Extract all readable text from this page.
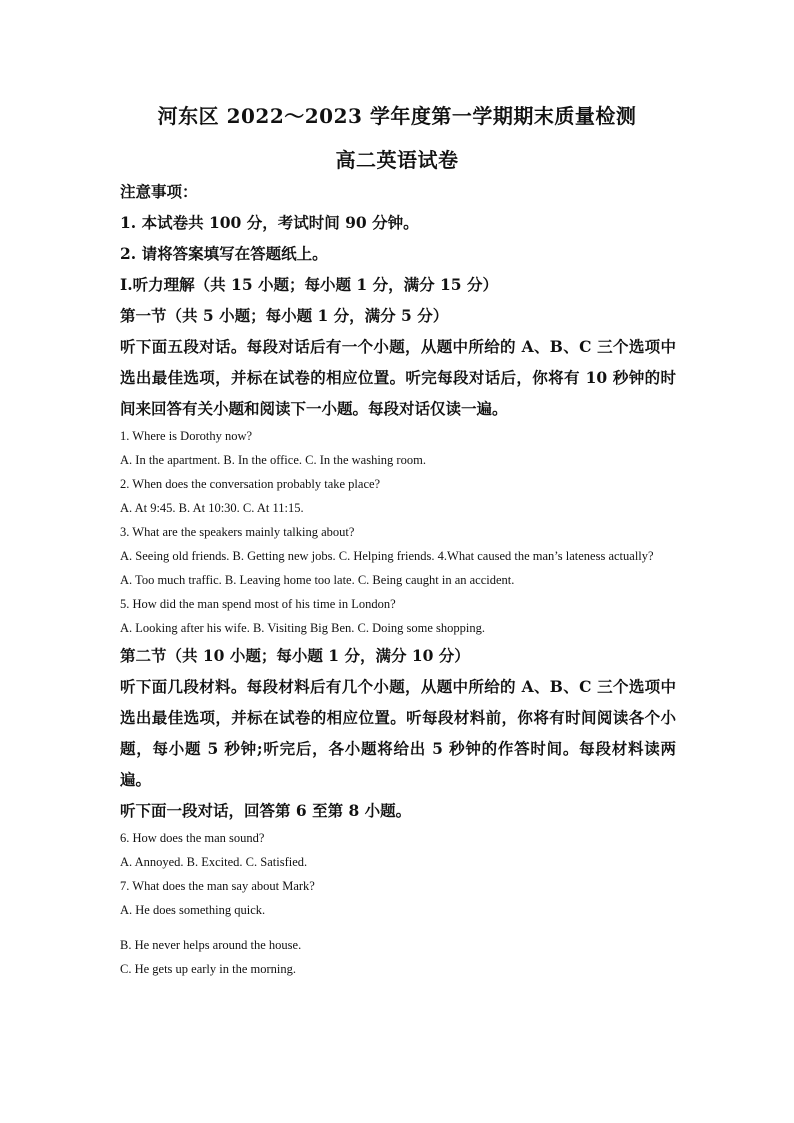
河东区 2022～2023 学年度第一学期期末质量检测
高二英语试卷
注意事项：
1. 本试卷共 100 分，考试时间 90 分钟。
2. 请将答案填写在答题纸上。
Ⅰ.听力理解（共 15 小题；每小题 1 分，满分 15 分）
第一节（共 5 小题；每小题 1 分，满分 5 分）
听下面五段对话。每段对话后有一个小题，从题中所给的 A、B、C 三个选项中选出最佳选项，并标在试卷的相应位置。听完每段对话后，你将有 10 秒钟的时间来回答有关小题和阅读下一小题。每段对话仅读一遍。
1. Where is Dorothy now?
A. In the apartment. B. In the office. C. In the washing room.
2. When does the conversation probably take place?
A. At 9:45. B. At 10:30. C. At 11:15.
3. What are the speakers mainly talking about?
A. Seeing old friends. B. Getting new jobs. C. Helping friends. 4.What caused the man’s lateness actually?
A. Too much traffic. B. Leaving home too late. C. Being caught in an accident.
5. How did the man spend most of his time in London?
A. Looking after his wife. B. Visiting Big Ben. C. Doing some shopping.
第二节（共 10 小题；每小题 1 分，满分 10 分）
听下面几段材料。每段材料后有几个小题，从题中所给的 A、B、C 三个选项中选出最佳选项，并标在试卷的相应位置。听每段材料前，你将有时间阅读各个小题，每小题 5 秒钟;听完后，各小题将给出 5 秒钟的作答时间。每段材料读两遍。
听下面一段对话，回答第 6 至第 8 小题。
6. How does the man sound?
A. Annoyed. B. Excited. C. Satisfied.
7. What does the man say about Mark?
A. He does something quick.
B. He never helps around the house.
C. He gets up early in the morning.
